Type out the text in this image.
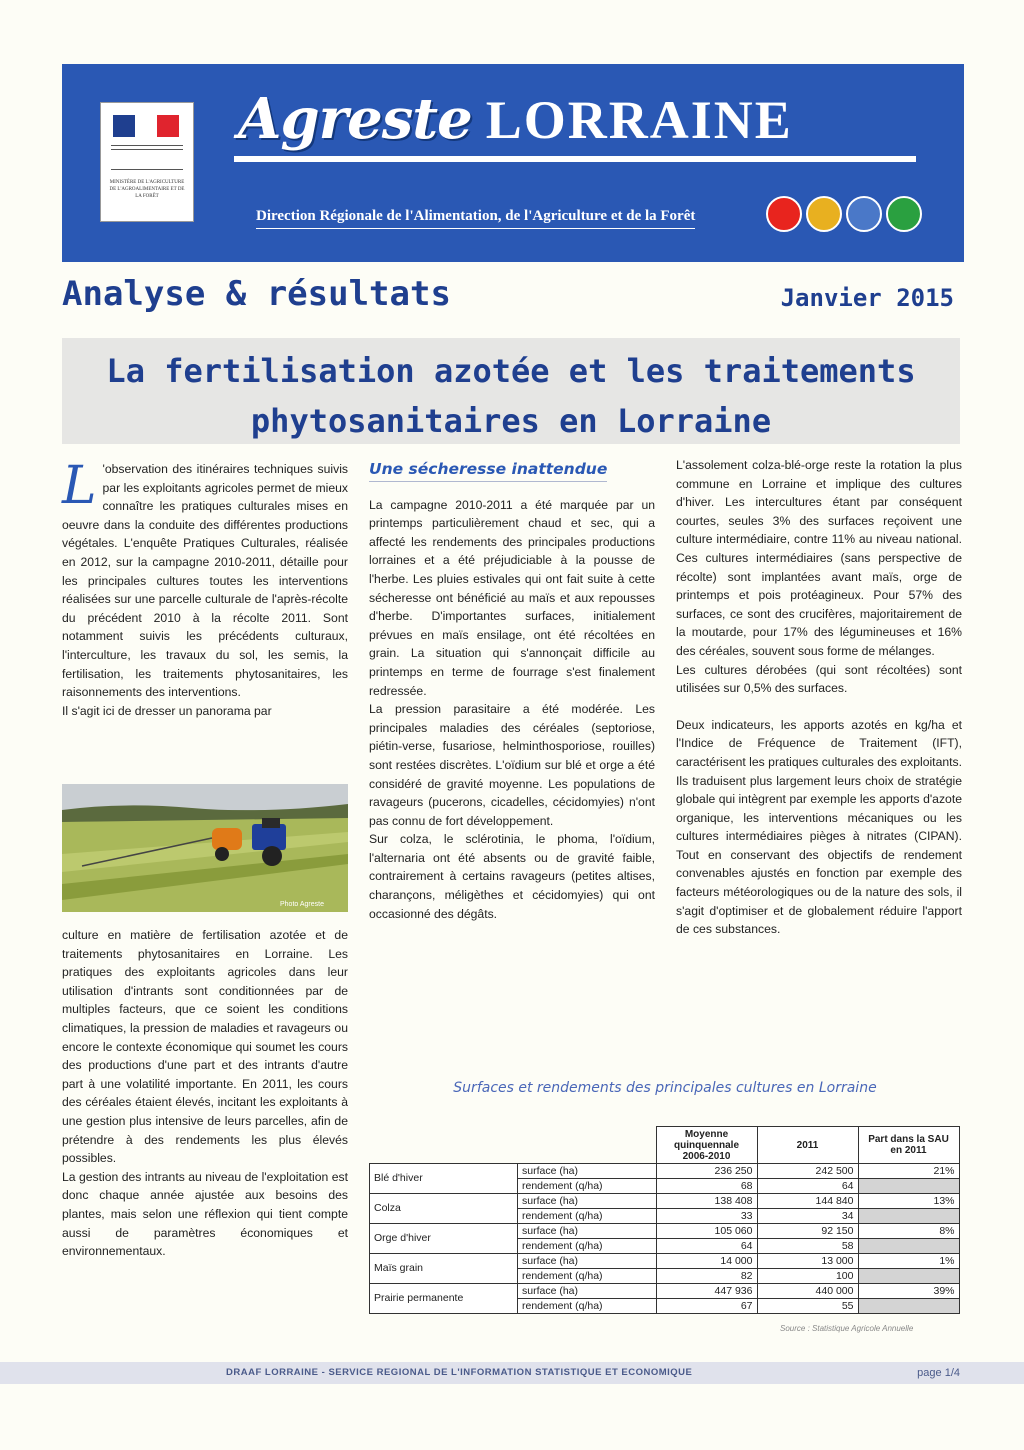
MINISTÈRE DE L'AGRICULTURE DE L'AGROALIMENTAIRE ET DE LA FORÊT
Agreste LORRAINE
Direction Régionale de l'Alimentation, de l'Agriculture et de la Forêt
Analyse & résultats	Janvier 2015
La fertilisation azotée et les traitements
phytosanitaires en Lorraine

L 'observation des itinéraires techniques suivis par les exploitants agricoles permet de mieux connaître les pratiques culturales mises en oeuvre dans la conduite des différentes productions végétales. L'enquête Pratiques Culturales, réalisée en 2012, sur la campagne 2010-2011, détaille pour les principales cultures toutes les interventions réalisées sur une parcelle culturale de l'après-récolte du précédent 2010 à la récolte 2011. Sont notamment suivis les précédents culturaux, l'interculture, les travaux du sol, les semis, la fertilisation, les traitements phytosanitaires, les raisonnements des interventions.

Il s'agit ici de dresser un panorama par

Photo Agreste

culture en matière de fertilisation azotée et de traitements phytosanitaires en Lorraine. Les pratiques des exploitants agricoles dans leur utilisation d'intrants sont conditionnées par de multiples facteurs, que ce soient les conditions climatiques, la pression de maladies et ravageurs ou encore le contexte économique qui soumet les cours des productions d'une part et des intrants d'autre part à une volatilité importante. En 2011, les cours des céréales étaient élevés, incitant les exploitants à une gestion plus intensive de leurs parcelles, afin de prétendre à des rendements les plus élevés possibles.

La gestion des intrants au niveau de l'exploitation est donc chaque année ajustée aux besoins des plantes, mais selon une réflexion qui tient compte aussi de paramètres économiques et environnementaux.

Une sécheresse inattendue

La campagne 2010-2011 a été marquée par un printemps particulièrement chaud et sec, qui a affecté les rendements des principales productions lorraines et a été préjudiciable à la pousse de l'herbe. Les pluies estivales qui ont fait suite à cette sécheresse ont bénéficié au maïs et aux repousses d'herbe. D'importantes surfaces, initialement prévues en maïs ensilage, ont été récoltées en grain. La situation qui s'annonçait difficile au printemps en terme de fourrage s'est finalement redressée.

La pression parasitaire a été modérée. Les principales maladies des céréales (septoriose, piétin-verse, fusariose, helminthosporiose, rouilles) sont restées discrètes. L'oïdium sur blé et orge a été considéré de gravité moyenne. Les populations de ravageurs (pucerons, cicadelles, cécidomyies) n'ont pas connu de fort développement.

Sur colza, le sclérotinia, le phoma, l'oïdium, l'alternaria ont été absents ou de gravité faible, contrairement à certains ravageurs (petites altises, charançons, méligèthes et cécidomyies) qui ont occasionné des dégâts.

L'assolement colza-blé-orge reste la rotation la plus commune en Lorraine et implique des cultures d'hiver. Les intercultures étant par conséquent courtes, seules 3% des surfaces reçoivent une culture intermédiaire, contre 11% au niveau national. Ces cultures intermédiaires (sans perspective de récolte) sont implantées avant maïs, orge de printemps et pois protéagineux. Pour 57% des surfaces, ce sont des crucifères, majoritairement de la moutarde, pour 17% des légumineuses et 16% des céréales, souvent sous forme de mélanges.

Les cultures dérobées (qui sont récoltées) sont utilisées sur 0,5% des surfaces.

Deux indicateurs, les apports azotés en kg/ha et l'Indice de Fréquence de Traitement (IFT), caractérisent les pratiques culturales des exploitants. Ils traduisent plus largement leurs choix de stratégie globale qui intègrent par exemple les apports d'azote organique, les interventions mécaniques ou les cultures intermédiaires pièges à nitrates (CIPAN). Tout en conservant des objectifs de rendement convenables ajustés en fonction par exemple des facteurs météorologiques ou de la nature des sols, il s'agit d'optimiser et de globalement réduire l'apport de ces substances.

Surfaces et rendements des principales cultures en Lorraine
		Moyenne quinquennale 2006-2010	2011	Part dans la SAU en 2011
Blé d'hiver	surface (ha)	236 250	242 500	21%
	rendement (q/ha)	68	64	
Colza	surface (ha)	138 408	144 840	13%
	rendement (q/ha)	33	34	
Orge d'hiver	surface (ha)	105 060	92 150	8%
	rendement (q/ha)	64	58	
Maïs grain	surface (ha)	14 000	13 000	1%
	rendement (q/ha)	82	100	
Prairie permanente	surface (ha)	447 936	440 000	39%
	rendement (q/ha)	67	55	
Source : Statistique Agricole Annuelle
DRAAF LORRAINE - SERVICE REGIONAL DE L'INFORMATION STATISTIQUE ET ECONOMIQUE	page 1/4
